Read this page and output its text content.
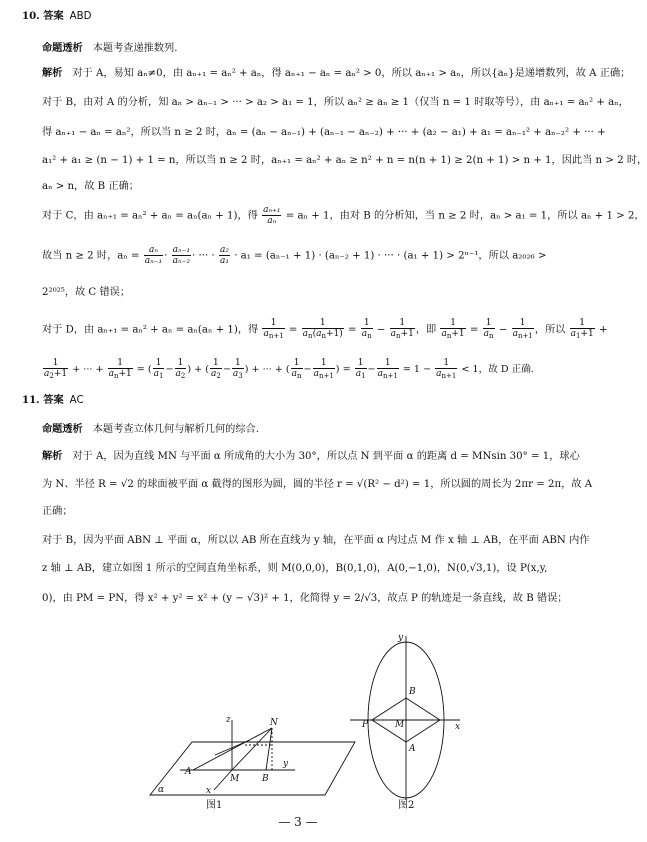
10. 答案 ABD
命题透析 本题考查递推数列.
解析 对于 A，易知 aₙ≠0，由 aₙ₊₁ = aₙ² + aₙ，得 aₙ₊₁ − aₙ = aₙ² > 0，所以 aₙ₊₁ > aₙ，所以{aₙ}是递增数列，故 A 正确；
对于 B，由对 A 的分析，知 aₙ > aₙ₋₁ > ··· > a₂ > a₁ = 1，所以 aₙ² ≥ aₙ ≥ 1（仅当 n = 1 时取等号），由 aₙ₊₁ = aₙ² + aₙ，
得 aₙ₊₁ − aₙ = aₙ²，所以当 n ≥ 2 时，aₙ = (aₙ − aₙ₋₁) + (aₙ₋₁ − aₙ₋₂) + ··· + (a₂ − a₁) + a₁ = aₙ₋₁² + aₙ₋₂² + ··· +
a₁² + a₁ ≥ (n − 1) + 1 = n，所以当 n ≥ 2 时，aₙ₊₁ = aₙ² + aₙ ≥ n² + n = n(n + 1) ≥ 2(n + 1) > n + 1，因此当 n > 2 时，
aₙ > n，故 B 正确；
对于 C，由 aₙ₊₁ = aₙ² + aₙ = aₙ(aₙ + 1)，得 $\frac{\text{aₙ₊₁}}{\text{aₙ}} = a_n + 1$，由对 B 的分析知，当 n ≥ 2 时，aₙ > a₁ = 1，所以 aₙ + 1 > 2，
故当 n ≥ 2 时，$a_n = \frac{\text{aₙ}}{\text{aₙ₋₁}} \cdot \frac{\text{aₙ₋₁}}{\text{aₙ₋₂}}$ · ··· · $\frac{\text{a₂}}{\text{a₁}} \cdot a_1 = (a_{n-1} + 1) \cdot (a_{n-2} + 1)$ · ··· · (a₁ + 1) > 2ⁿ⁻¹，所以 a₂₀₂₆ >
2²⁰²⁵，故 C 错误；
对于 D，由 aₙ₊₁ = aₙ² + aₙ = aₙ(aₙ + 1)，得 $\frac{1}{a_{n+1}} = \frac{1}{a_n(a_n+1)} = \frac{1}{a_n} - \frac{1}{a_n+1}$ ，即 $\frac{1}{a_n+1} = \frac{1}{a_n} - \frac{1}{a_{n+1}}$ ，所以 $\frac{1}{a_1+1}$ +
$\frac{1}{a_2+1}$ + ··· + $\frac{1}{a_n+1}$ = ( $\frac{1}{a_1} - \frac{1}{a_2}$ ) + ( $\frac{1}{a_2} - \frac{1}{a_3}$ ) + ··· + ( $\frac{1}{a_n} - \frac{1}{a_{n+1}}$ ) = $\frac{1}{a_1} - \frac{1}{a_{n+1}} = 1 - \frac{1}{a_{n+1}} < 1$，故 D 正确.
11. 答案 AC
命题透析 本题考查立体几何与解析几何的综合.
解析 对于 A，因为直线 MN 与平面 α 所成角的大小为 30°，所以点 N 到平面 α 的距离 d = MNsin 30° = 1，球心
为 N、半径 R = √2 的球面被平面 α 截得的图形为圆，圆的半径 r = √(R² − d²) = 1，所以圆的周长为 2πr = 2π，故 A
正确；
对于 B，因为平面 ABN ⊥ 平面 α，所以以 AB 所在直线为 y 轴，在平面 α 内过点 M 作 x 轴 ⊥ AB，在平面 ABN 内作
z 轴 ⊥ AB，建立如图 1 所示的空间直角坐标系，则 M(0,0,0)，B(0,1,0)，A(0,−1,0)，N(0,√3,1)，设 P(x,y,
0)，由 PM = PN，得 x² + y² = x² + (y − √3)² + 1，化简得 y = 2/√3，故点 P 的轨迹是一条直线，故 B 错误；
z	N
A
M	B
y
x
α
图1
y
B
P	M
A
x
图2
— 3 —
